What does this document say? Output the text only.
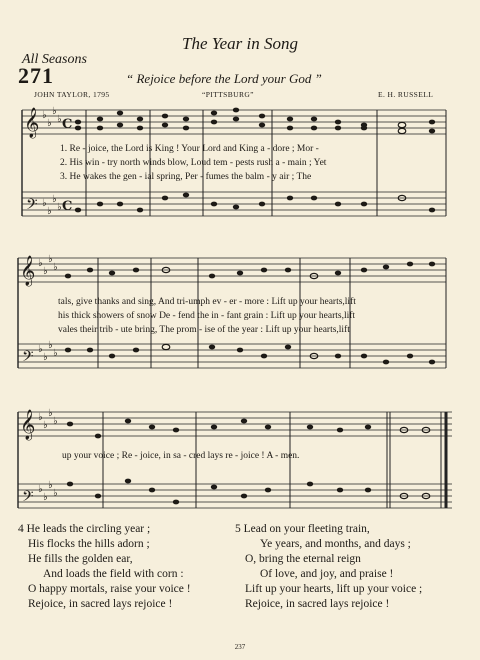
The Year in Song
All Seasons
271	“ Rejoice before the Lord your God ”
JOHN TAYLOR, 1795	“PITTSBURG”	E. H. RUSSELL
𝄞
𝄢
𝄞
𝄢
𝄞
𝄢
♭
♭
♭
♭
♭
♭
♭
♭
♭
♭
♭
♭
♭
♭
♭
♭
♭
♭
♭
♭
♭
♭
♭
♭
C
C
1. Re - joice, the Lord is King ! Your Lord and King a - dore ; Mor -
2. His win - try north winds blow, Loud tem - pests rush a - main ; Yet
3. He wakes the gen - ial spring, Per - fumes the balm - y air ; The
tals, give thanks and sing, And tri-umph ev - er - more : Lift up your hearts,lift
his thick showers of snow De - fend the in - fant grain : Lift up your hearts,lift
vales their trib - ute bring, The prom - ise of the year : Lift up your hearts,lift
up your voice ; Re - joice, in sa - cred lays re - joice ! A - men.
4 He leads the circling year ;
His flocks the hills adorn ;
He fills the golden ear,
And loads the field with corn :
O happy mortals, raise your voice !
Rejoice, in sacred lays rejoice !
5 Lead on your fleeting train,
Ye years, and months, and days ;
O, bring the eternal reign
Of love, and joy, and praise !
Lift up your hearts, lift up your voice ;
Rejoice, in sacred lays rejoice !
237
